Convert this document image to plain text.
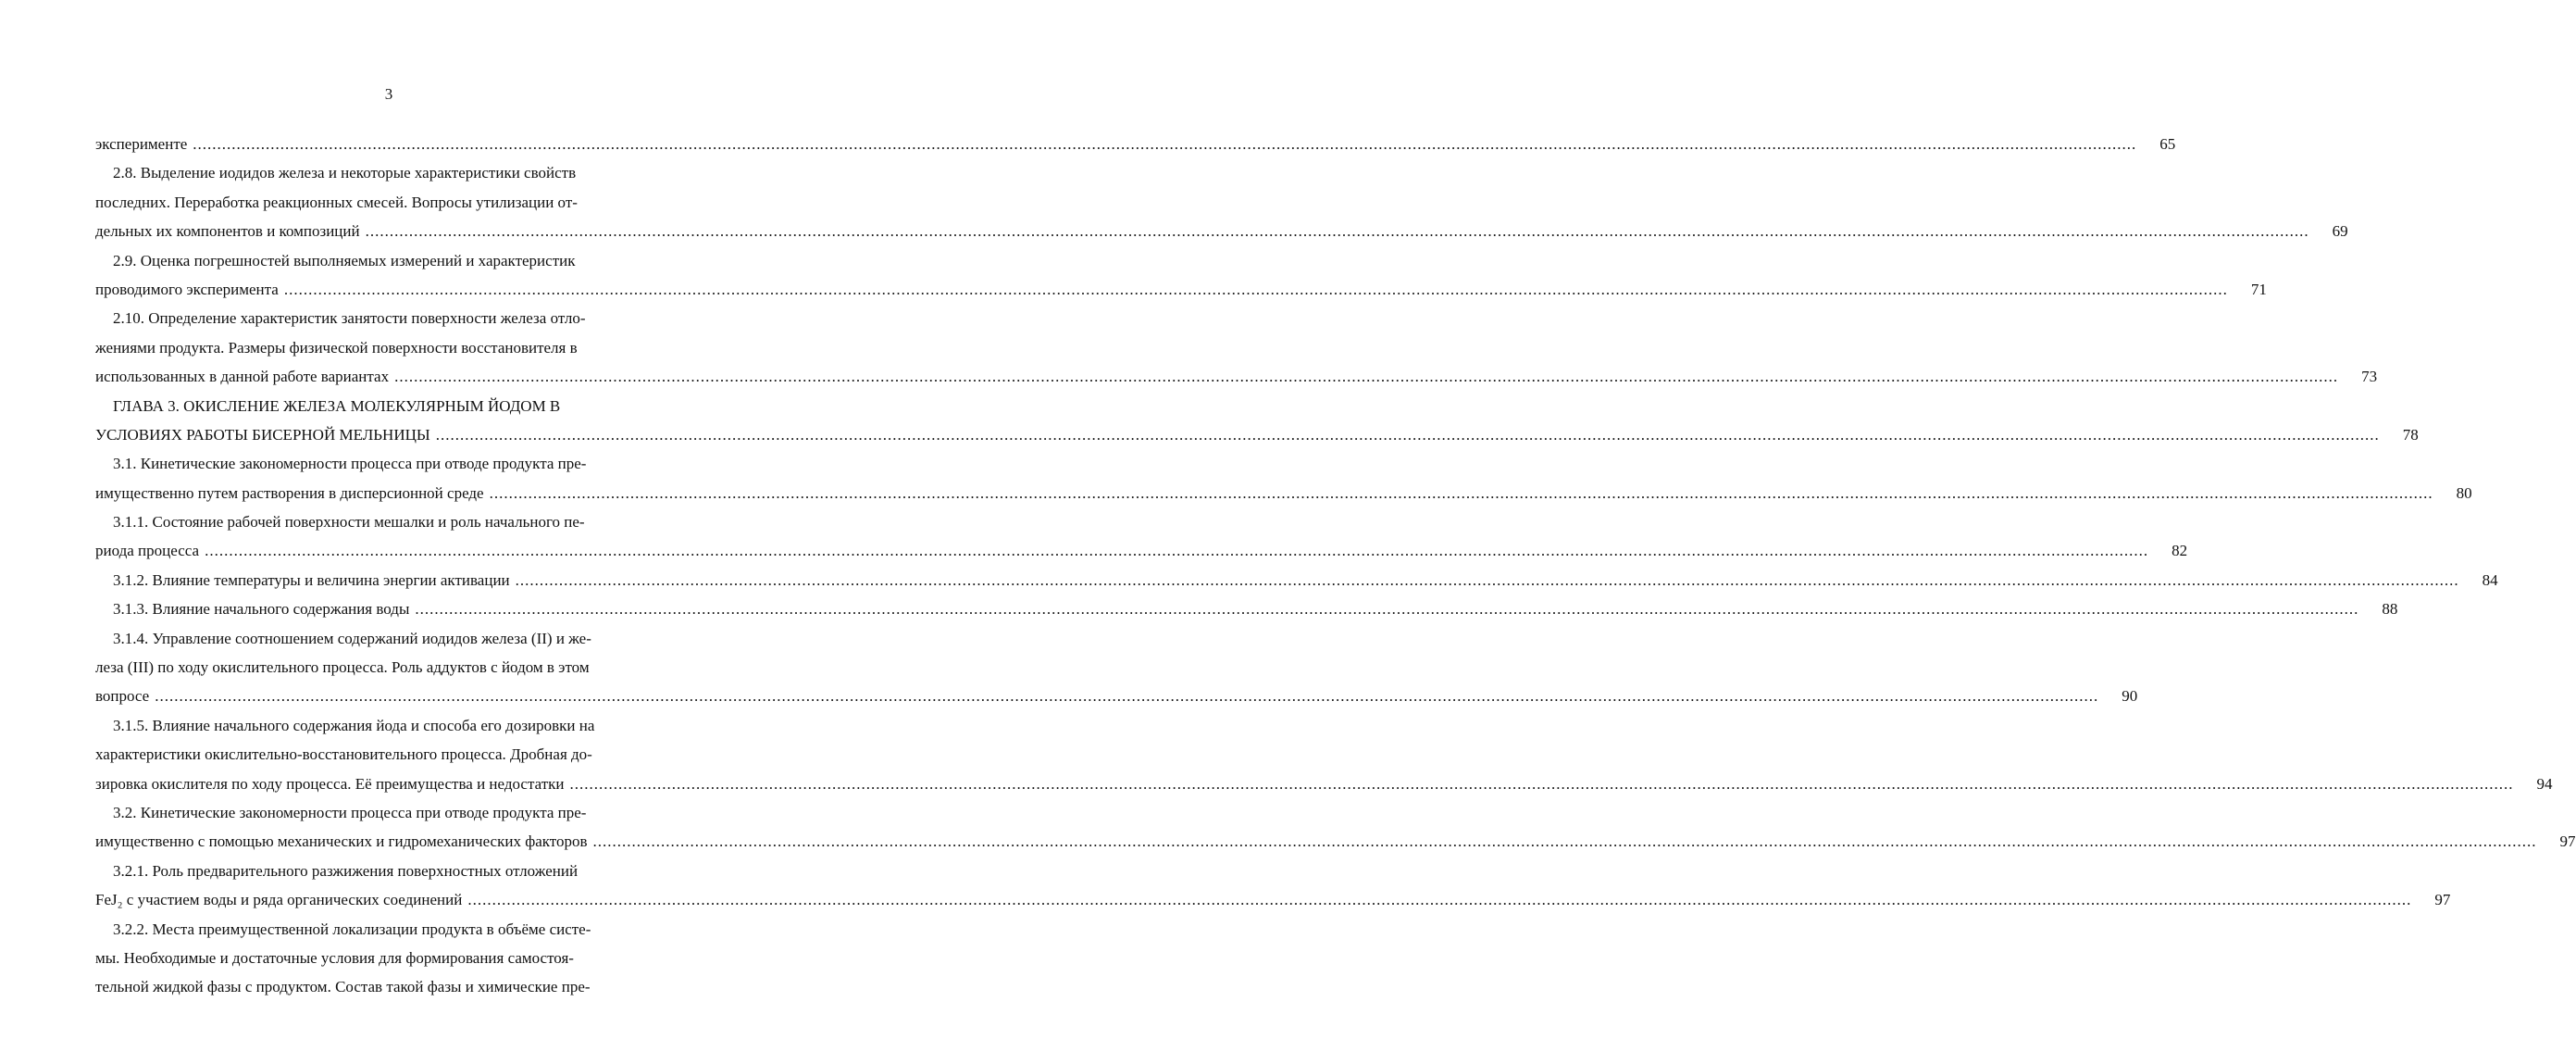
3
эксперименте ................................................................................................................................................................................................................................................................................................................................................................................................................	65
2.8. Выделение иодидов железа и некоторые характеристики свойств
последних. Переработка реакционных смесей. Вопросы утилизации от-
дельных их компонентов и композиций ................................................................................................................................................................................................................................................................................................................................................................................................................	69
2.9. Оценка погрешностей выполняемых измерений и характеристик
проводимого эксперимента ................................................................................................................................................................................................................................................................................................................................................................................................................	71
2.10. Определение характеристик занятости поверхности железа отло-
жениями продукта. Размеры физической поверхности восстановителя в
использованных в данной работе вариантах ................................................................................................................................................................................................................................................................................................................................................................................................................	73
ГЛАВА 3. ОКИСЛЕНИЕ ЖЕЛЕЗА МОЛЕКУЛЯРНЫМ ЙОДОМ В
УСЛОВИЯХ РАБОТЫ БИСЕРНОЙ МЕЛЬНИЦЫ ................................................................................................................................................................................................................................................................................................................................................................................................................	78
3.1. Кинетические закономерности процесса при отводе продукта пре-
имущественно путем растворения в дисперсионной среде ................................................................................................................................................................................................................................................................................................................................................................................................................	80
3.1.1. Состояние рабочей поверхности мешалки и роль начального пе-
риода процесса ................................................................................................................................................................................................................................................................................................................................................................................................................	82
3.1.2. Влияние температуры и величина энергии активации ................................................................................................................................................................................................................................................................................................................................................................................................................	84
3.1.3. Влияние начального содержания воды ................................................................................................................................................................................................................................................................................................................................................................................................................	88
3.1.4. Управление соотношением содержаний иодидов железа (II) и же-
леза (III) по ходу окислительного процесса. Роль аддуктов с йодом в этом
вопросе ................................................................................................................................................................................................................................................................................................................................................................................................................	90
3.1.5. Влияние начального содержания йода и способа его дозировки на
характеристики окислительно-восстановительного процесса. Дробная до-
зировка окислителя по ходу процесса. Её преимущества и недостатки ................................................................................................................................................................................................................................................................................................................................................................................................................	94
3.2. Кинетические закономерности процесса при отводе продукта пре-
имущественно с помощью механических и гидромеханических факторов ................................................................................................................................................................................................................................................................................................................................................................................................................	97
3.2.1. Роль предварительного разжижения поверхностных отложений
FeJ₂ с участием воды и ряда органических соединений ................................................................................................................................................................................................................................................................................................................................................................................................................	97
3.2.2. Места преимущественной локализации продукта в объёме систе-
мы. Необходимые и достаточные условия для формирования самостоя-
тельной жидкой фазы с продуктом. Состав такой фазы и химические пре-
